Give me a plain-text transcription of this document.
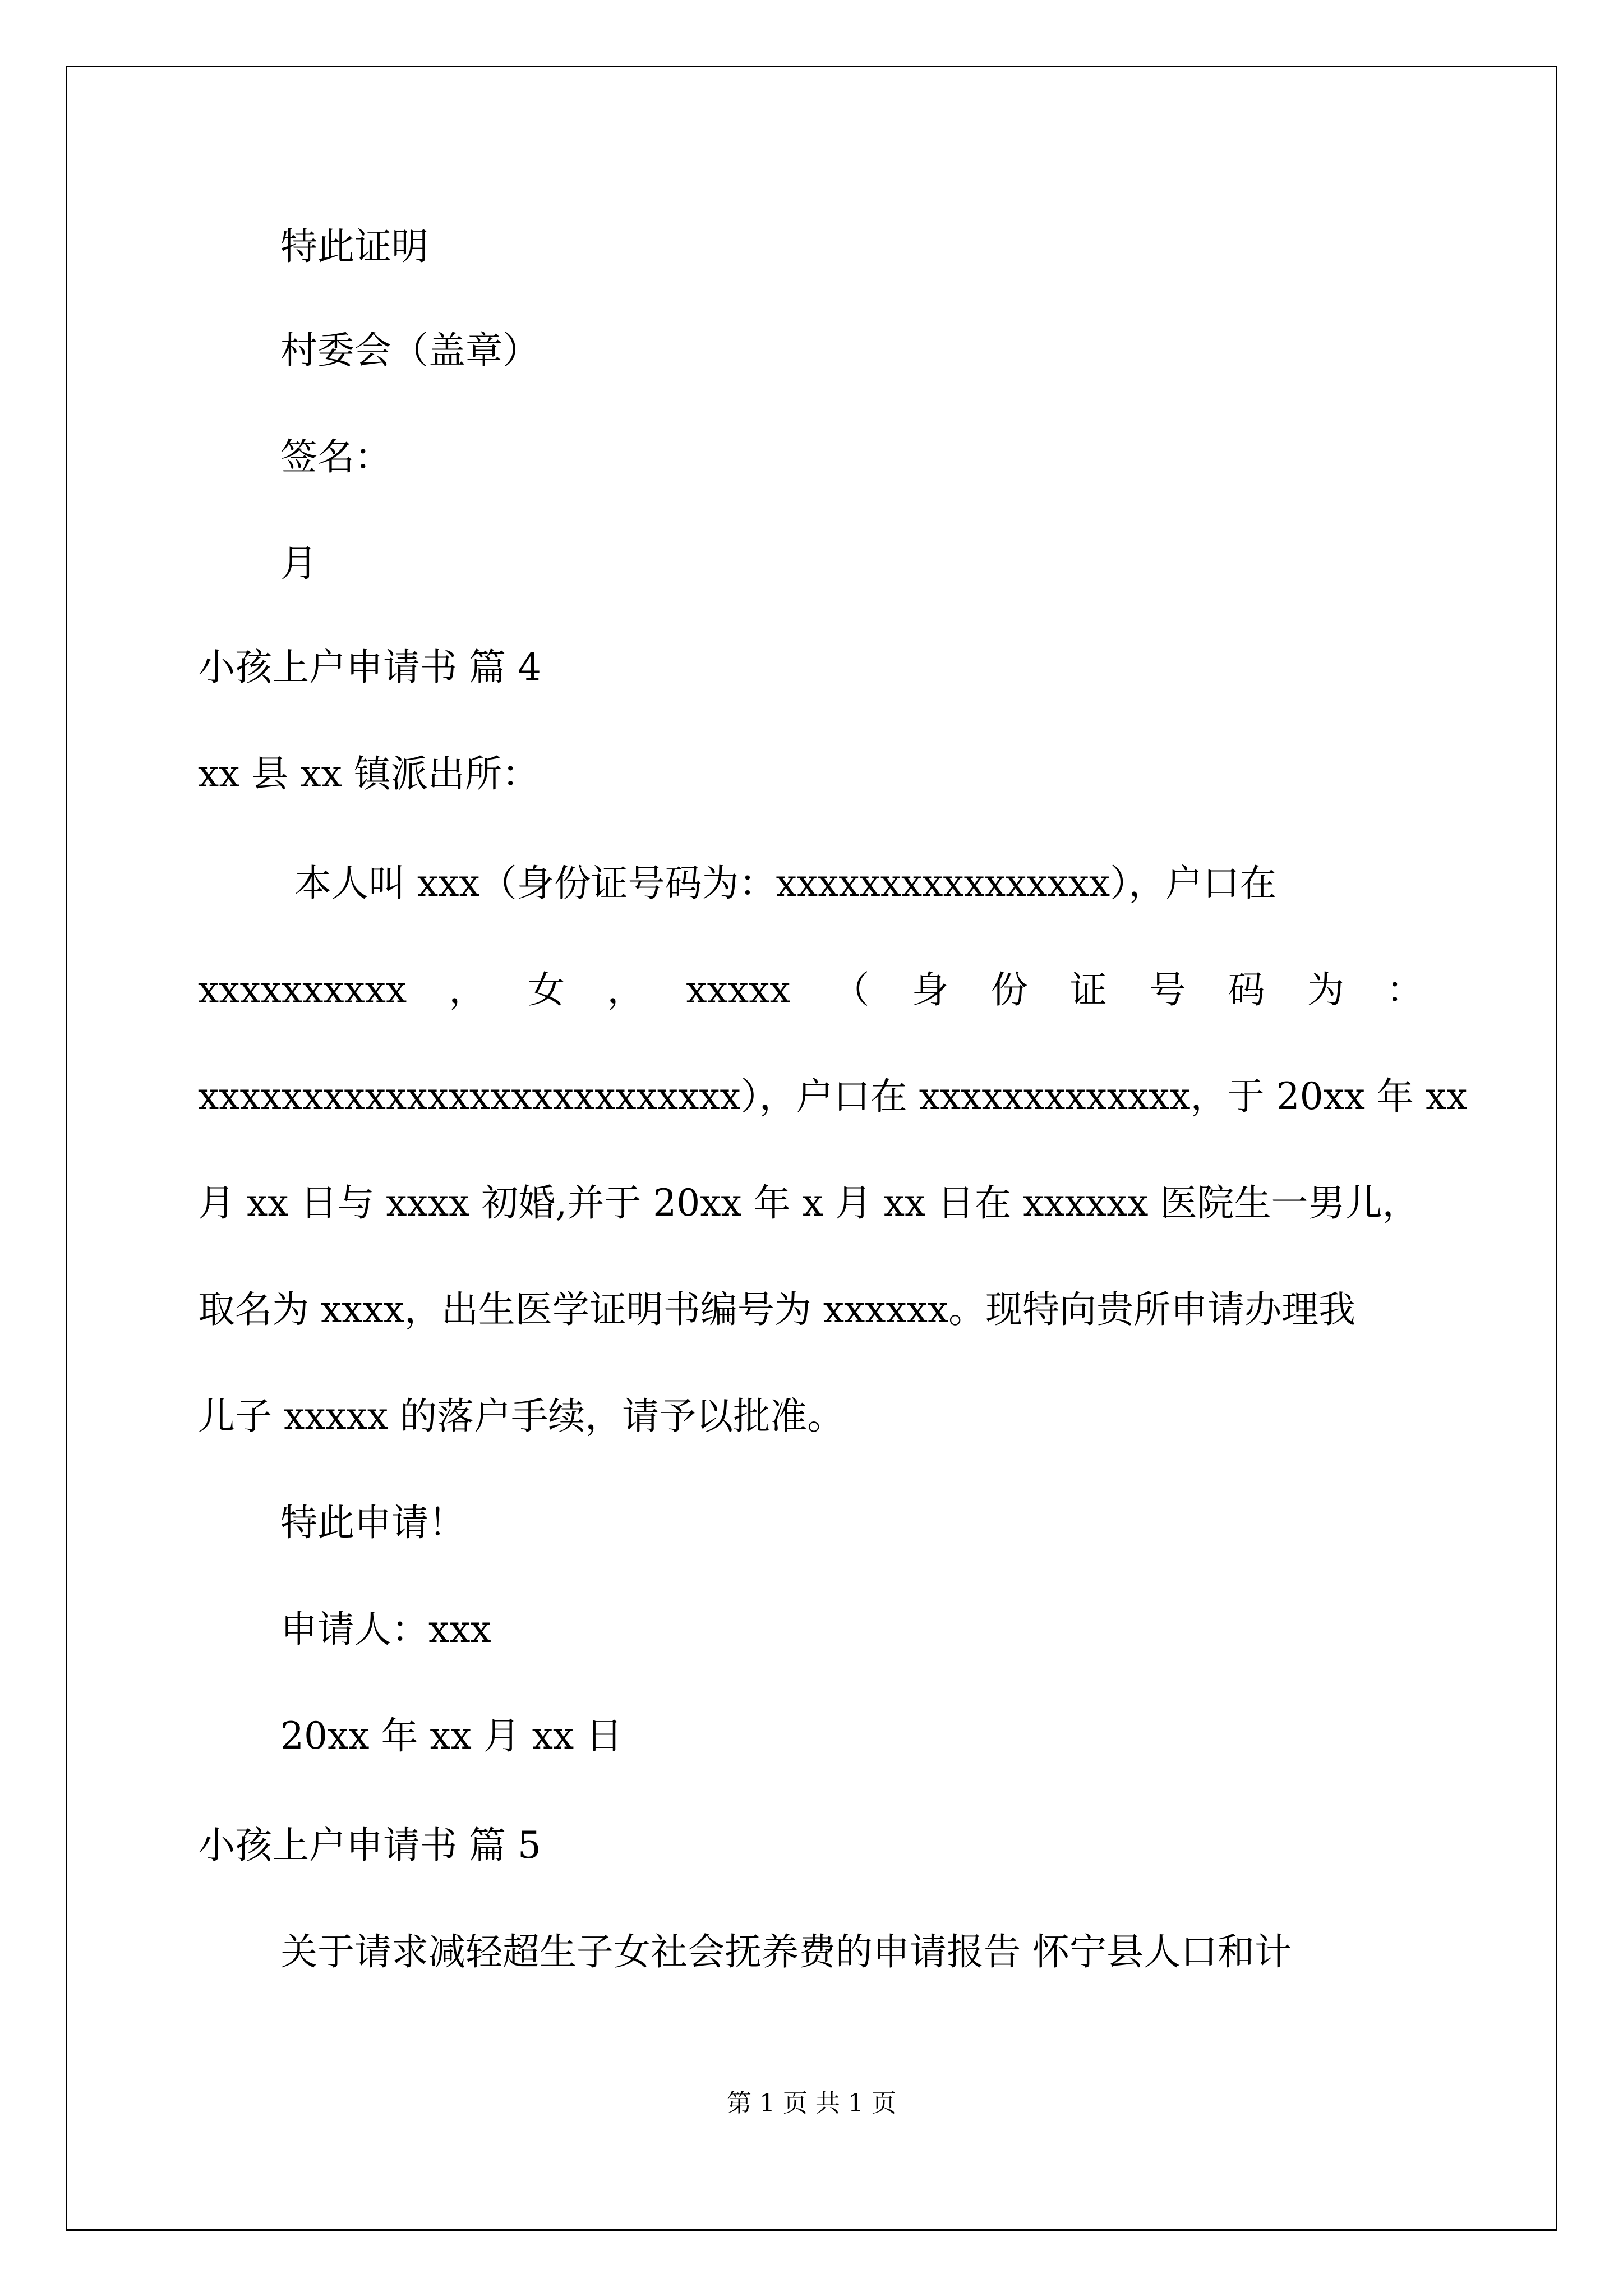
特此证明
村委会（盖章）
签名：
月
小孩上户申请书 篇 4
xx 县 xx 镇派出所：
本人叫 xxx（身份证号码为：xxxxxxxxxxxxxxxx），户口在
xxxxxxxxxx ， 女 ， xxxxx （ 身 份 证 号 码 为 ：
xxxxxxxxxxxxxxxxxxxxxxxxxx），户口在 xxxxxxxxxxxxx，于 20xx 年 xx
月 xx 日与 xxxx 初婚,并于 20xx 年 x 月 xx 日在 xxxxxx 医院生一男儿，
取名为 xxxx，出生医学证明书编号为 xxxxxx。现特向贵所申请办理我
儿子 xxxxx 的落户手续，请予以批准。
特此申请！
申请人：xxx
20xx 年 xx 月 xx 日
小孩上户申请书 篇 5
关于请求减轻超生子女社会抚养费的申请报告 怀宁县人口和计
第 1 页 共 1 页
